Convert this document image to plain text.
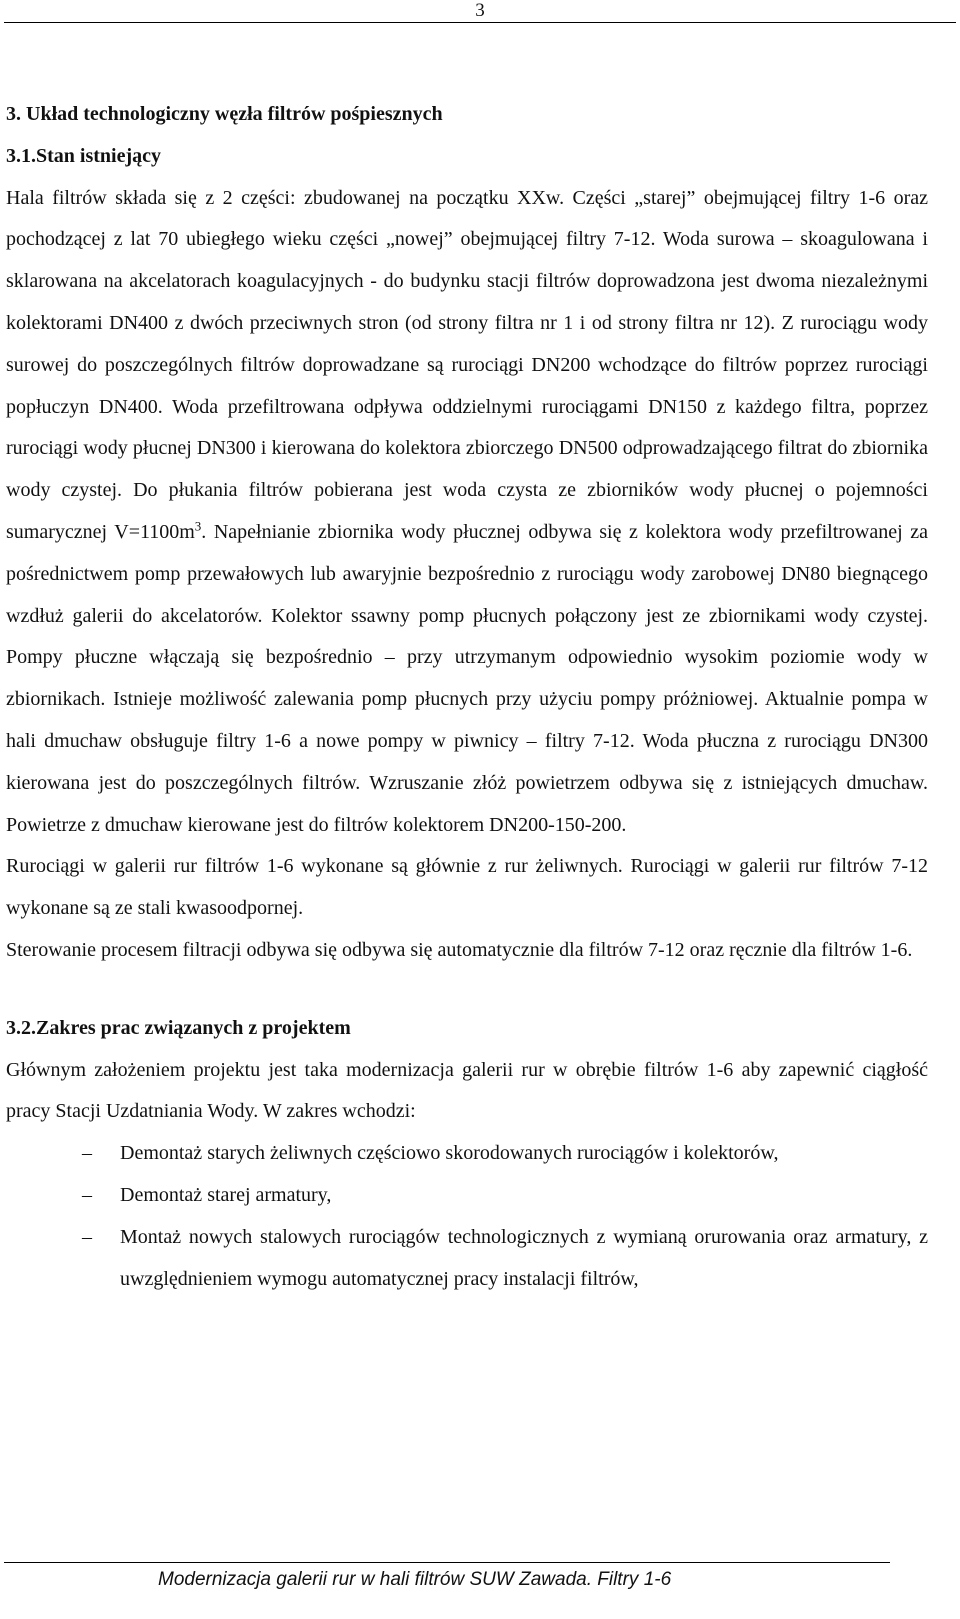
3

3. Układ technologiczny węzła filtrów pośpiesznych

3.1.Stan istniejący

Hala filtrów składa się z 2 części: zbudowanej na początku XXw. Części „starej” obejmującej filtry 1-6 oraz pochodzącej z lat 70 ubiegłego wieku części „nowej” obejmującej filtry 7-12. Woda surowa – skoagulowana i sklarowana na akcelatorach koagulacyjnych - do budynku stacji filtrów doprowadzona jest dwoma niezależnymi kolektorami DN400 z dwóch przeciwnych stron (od strony filtra nr 1 i od strony filtra nr 12). Z rurociągu wody surowej do poszczególnych filtrów doprowadzane są rurociągi DN200 wchodzące do filtrów poprzez rurociągi popłuczyn DN400. Woda przefiltrowana odpływa oddzielnymi rurociągami DN150 z każdego filtra, poprzez rurociągi wody płucnej DN300 i kierowana do kolektora zbiorczego DN500 odprowadzającego filtrat do zbiornika wody czystej. Do płukania filtrów pobierana jest woda czysta ze zbiorników wody płucnej o pojemności sumarycznej $V=1100m^3$. Napełnianie zbiornika wody płucznej odbywa się z kolektora wody przefiltrowanej za pośrednictwem pomp przewałowych lub awaryjnie bezpośrednio z rurociągu wody zarobowej DN80 biegnącego wzdłuż galerii do akcelatorów. Kolektor ssawny pomp płucnych połączony jest ze zbiornikami wody czystej. Pompy płuczne włączają się bezpośrednio – przy utrzymanym odpowiednio wysokim poziomie wody w zbiornikach. Istnieje możliwość zalewania pomp płucnych przy użyciu pompy próżniowej. Aktualnie pompa w hali dmuchaw obsługuje filtry 1-6 a nowe pompy w piwnicy – filtry 7-12. Woda płuczna z rurociągu DN300 kierowana jest do poszczególnych filtrów. Wzruszanie złóż powietrzem odbywa się z istniejących dmuchaw. Powietrze z dmuchaw kierowane jest do filtrów kolektorem DN200-150-200.

Rurociągi w galerii rur filtrów 1-6 wykonane są głównie z rur żeliwnych. Rurociągi w galerii rur filtrów 7-12 wykonane są ze stali kwasoodpornej.

Sterowanie procesem filtracji odbywa się odbywa się automatycznie dla filtrów 7-12 oraz ręcznie dla filtrów 1-6.

3.2.Zakres prac związanych z projektem

Głównym założeniem projektu jest taka modernizacja galerii rur w obrębie filtrów 1-6 aby zapewnić ciągłość pracy Stacji Uzdatniania Wody. W zakres wchodzi:

– Demontaż starych żeliwnych częściowo skorodowanych rurociągów i kolektorów,
– Demontaż starej armatury,
– Montaż nowych stalowych rurociągów technologicznych z wymianą orurowania oraz armatury, z uwzględnieniem wymogu automatycznej pracy instalacji filtrów,
Modernizacja galerii rur w hali filtrów SUW Zawada. Filtry 1-6
